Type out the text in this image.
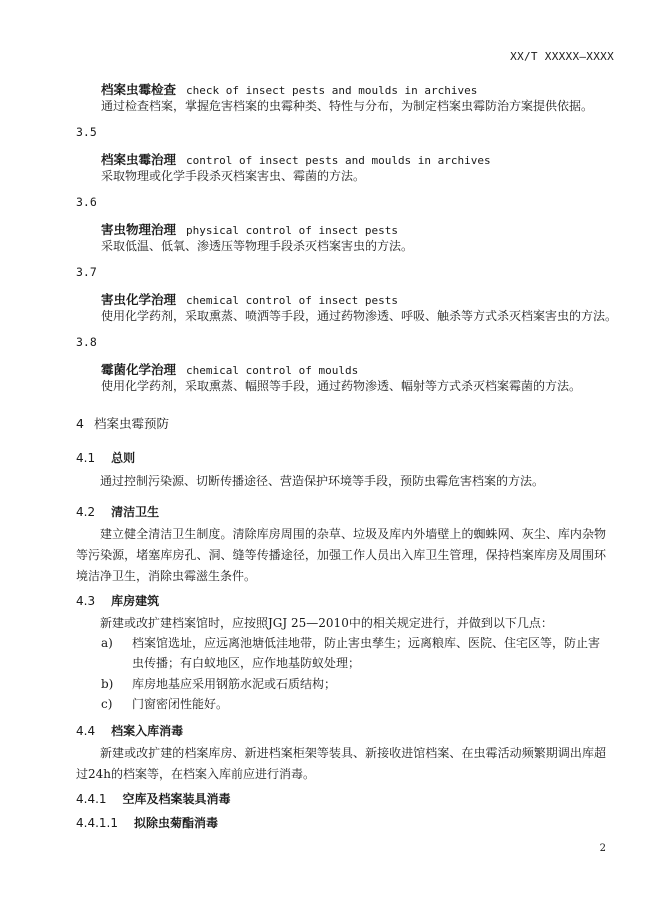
XX/T XXXXX—XXXX
档案虫霉检查 check of insect pests and moulds in archives
通过检查档案，掌握危害档案的虫霉种类、特性与分布，为制定档案虫霉防治方案提供依据。
3.5
档案虫霉治理 control of insect pests and moulds in archives
采取物理或化学手段杀灭档案害虫、霉菌的方法。
3.6
害虫物理治理 physical control of insect pests
采取低温、低氧、渗透压等物理手段杀灭档案害虫的方法。
3.7
害虫化学治理 chemical control of insect pests
使用化学药剂，采取熏蒸、喷洒等手段，通过药物渗透、呼吸、触杀等方式杀灭档案害虫的方法。
3.8
霉菌化学治理 chemical control of moulds
使用化学药剂，采取熏蒸、幅照等手段，通过药物渗透、幅射等方式杀灭档案霉菌的方法。
4 档案虫霉预防
4.1 总则
通过控制污染源、切断传播途径、营造保护环境等手段，预防虫霉危害档案的方法。
4.2 清洁卫生
建立健全清洁卫生制度。清除库房周围的杂草、垃圾及库内外墙壁上的蜘蛛网、灰尘、库内杂物等污染源，堵塞库房孔、洞、缝等传播途径，加强工作人员出入库卫生管理，保持档案库房及周围环境洁净卫生，消除虫霉滋生条件。
4.3 库房建筑
新建或改扩建档案馆时，应按照JGJ 25—2010中的相关规定进行，并做到以下几点：
a) 档案馆选址，应远离池塘低洼地带，防止害虫孳生；远离粮库、医院、住宅区等，防止害虫传播；有白蚁地区，应作地基防蚁处理；
b) 库房地基应采用钢筋水泥或石质结构；
c) 门窗密闭性能好。
4.4 档案入库消毒
新建或改扩建的档案库房、新进档案柜架等装具、新接收进馆档案、在虫霉活动频繁期调出库超过24h的档案等，在档案入库前应进行消毒。
4.4.1 空库及档案装具消毒
4.4.1.1 拟除虫菊酯消毒
2
